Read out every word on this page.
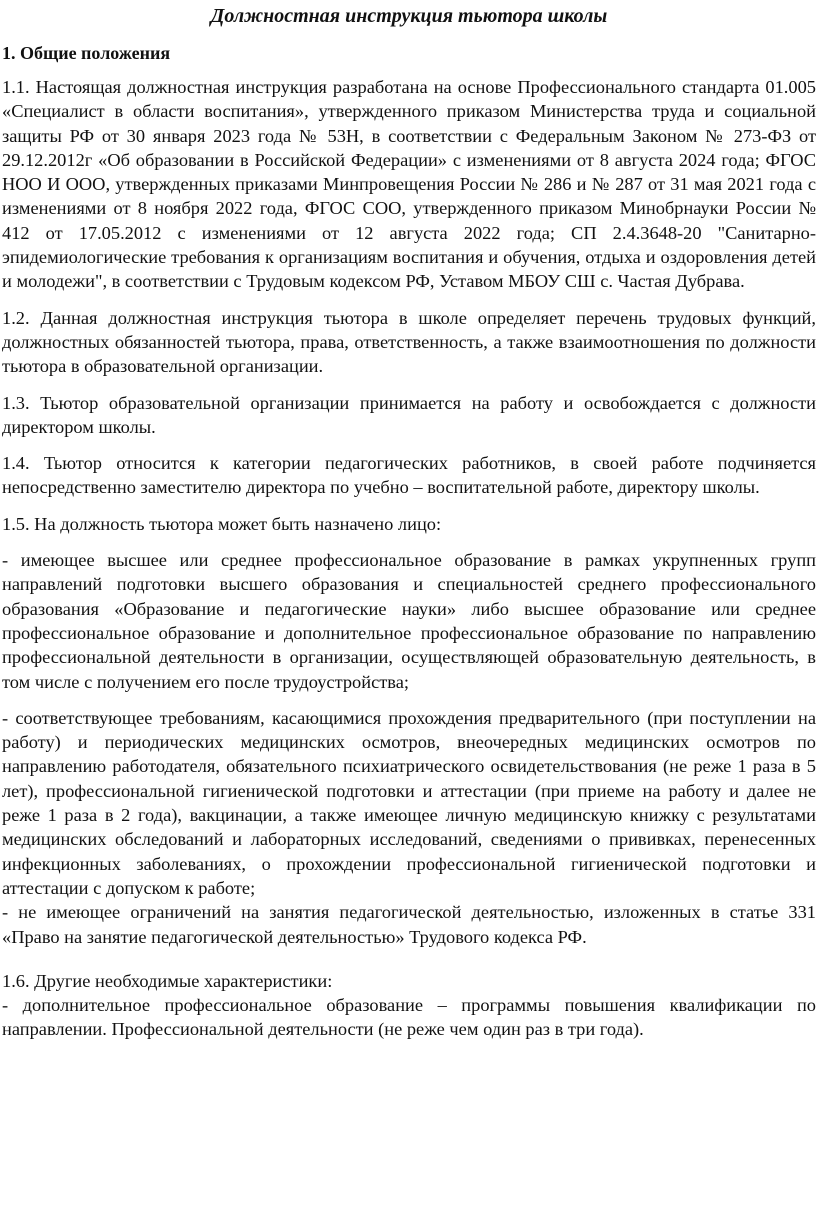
Должностная инструкция тьютора школы
1. Общие положения

1.1. Настоящая должностная инструкция разработана на основе Профессионального стандарта 01.005 «Специалист в области воспитания», утвержденного приказом Министерства труда и социальной защиты РФ от 30 января 2023 года № 53Н, в соответствии с Федеральным Законом № 273-ФЗ от 29.12.2012г «Об образовании в Российской Федерации» с изменениями от 8 августа 2024 года; ФГОС НОО И ООО, утвержденных приказами Минпровещения России № 286 и № 287 от 31 мая 2021 года с изменениями от 8 ноября 2022 года, ФГОС СОО, утвержденного приказом Минобрнауки России № 412 от 17.05.2012 с изменениями от 12 августа 2022 года; СП 2.4.3648-20 "Санитарно-эпидемиологические требования к организациям воспитания и обучения, отдыха и оздоровления детей и молодежи", в соответствии с Трудовым кодексом РФ, Уставом МБОУ СШ с. Частая Дубрава.

1.2. Данная должностная инструкция тьютора в школе определяет перечень трудовых функций, должностных обязанностей тьютора, права, ответственность, а также взаимоотношения по должности тьютора в образовательной организации.

1.3. Тьютор образовательной организации принимается на работу и освобождается с должности директором школы.

1.4. Тьютор относится к категории педагогических работников, в своей работе подчиняется непосредственно заместителю директора по учебно – воспитательной работе, директору школы.

1.5. На должность тьютора может быть назначено лицо:

- имеющее высшее или среднее профессиональное образование в рамках укрупненных групп направлений подготовки высшего образования и специальностей среднего профессионального образования «Образование и педагогические науки» либо высшее образование или среднее профессиональное образование и дополнительное профессиональное образование по направлению профессиональной деятельности в организации, осуществляющей образовательную деятельность, в том числе с получением его после трудоустройства;

- соответствующее требованиям, касающимися прохождения предварительного (при поступлении на работу) и периодических медицинских осмотров, внеочередных медицинских осмотров по направлению работодателя, обязательного психиатрического освидетельствования (не реже 1 раза в 5 лет), профессиональной гигиенической подготовки и аттестации (при приеме на работу и далее не реже 1 раза в 2 года), вакцинации, а также имеющее личную медицинскую книжку с результатами медицинских обследований и лабораторных исследований, сведениями о прививках, перенесенных инфекционных заболеваниях, о прохождении профессиональной гигиенической подготовки и аттестации с допуском к работе;

- не имеющее ограничений на занятия педагогической деятельностью, изложенных в статье 331 «Право на занятие педагогической деятельностью» Трудового кодекса РФ.

1.6. Другие необходимые характеристики:

- дополнительное профессиональное образование – программы повышения квалификации по направлении. Профессиональной деятельности (не реже чем один раз в три года).
